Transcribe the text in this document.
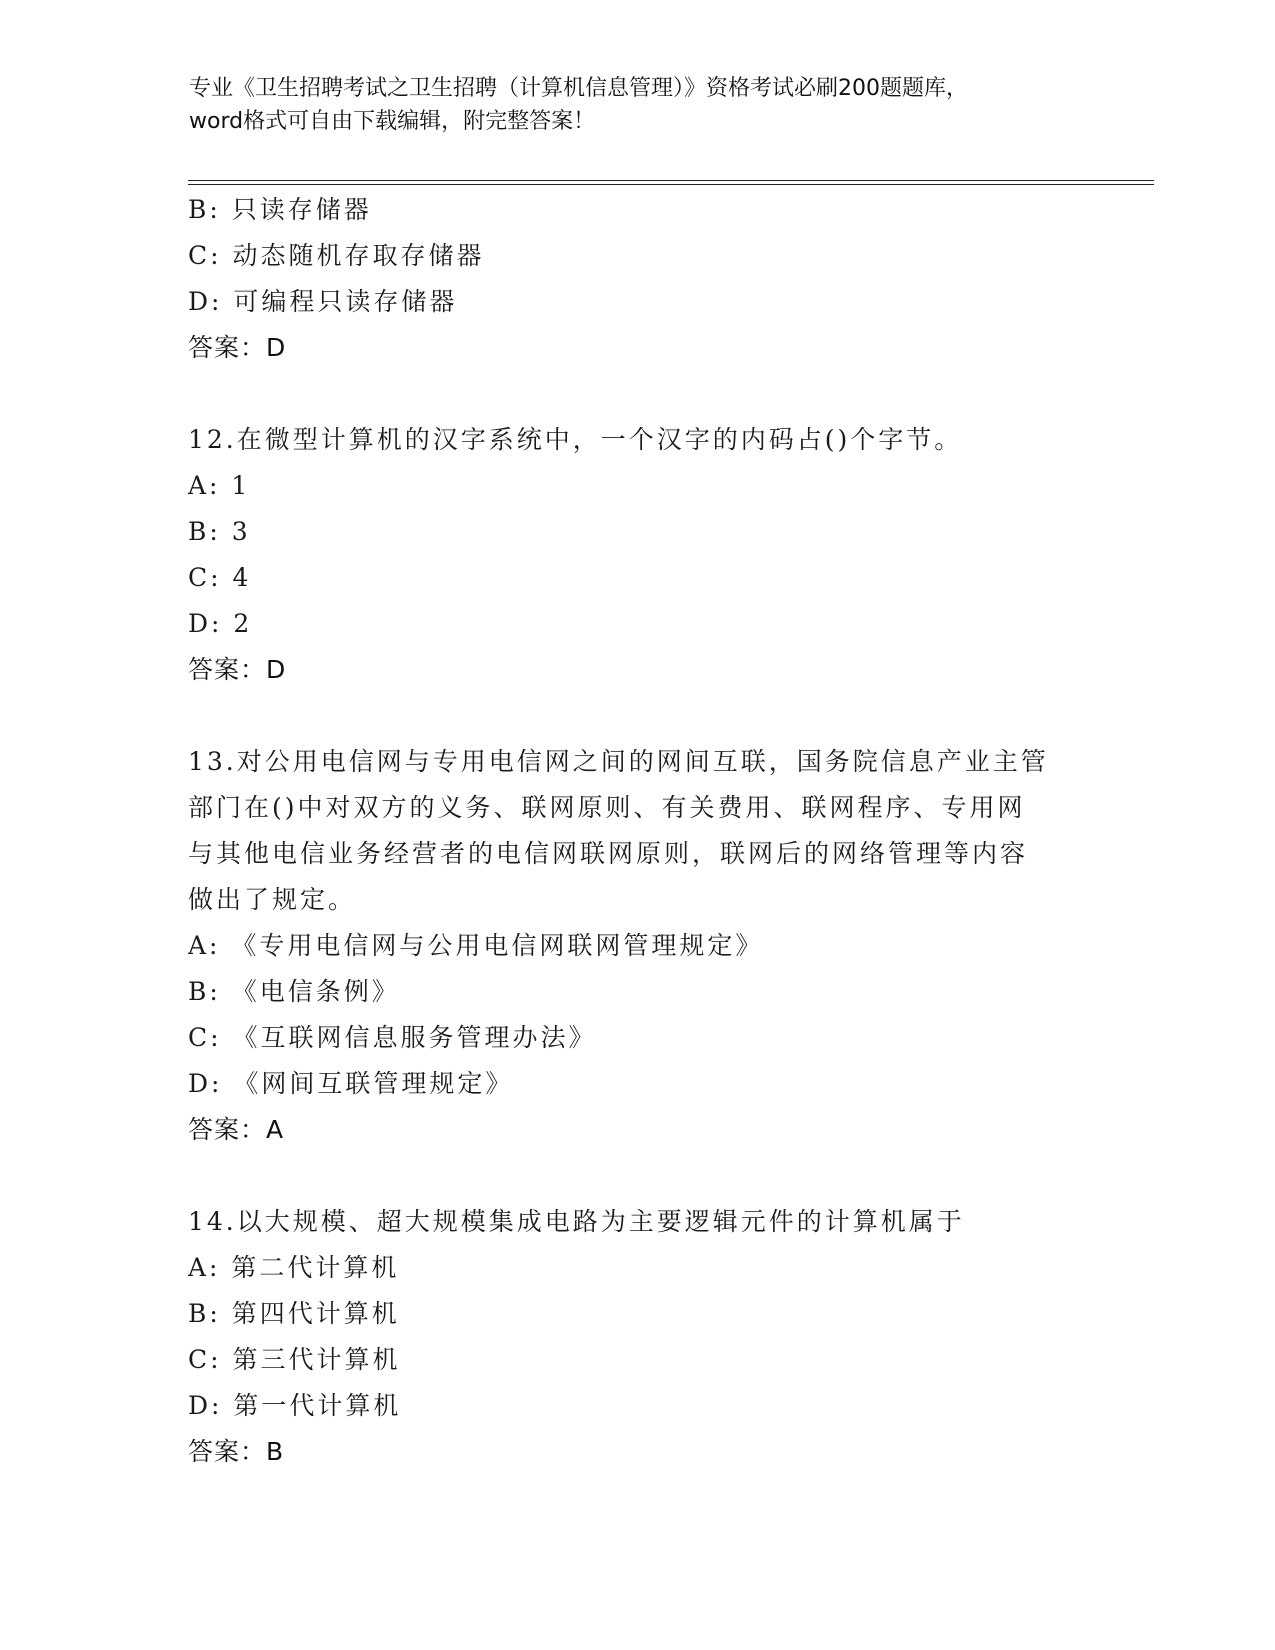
专业《卫生招聘考试之卫生招聘（计算机信息管理）》资格考试必刷200题题库，
word格式可自由下载编辑，附完整答案！
B: 只读存储器
C: 动态随机存取存储器
D: 可编程只读存储器
答案：D
12.在微型计算机的汉字系统中，一个汉字的内码占()个字节。
A: 1
B: 3
C: 4
D: 2
答案：D
13.对公用电信网与专用电信网之间的网间互联，国务院信息产业主管
部门在()中对双方的义务、联网原则、有关费用、联网程序、专用网
与其他电信业务经营者的电信网联网原则，联网后的网络管理等内容
做出了规定。
A: 《专用电信网与公用电信网联网管理规定》
B: 《电信条例》
C: 《互联网信息服务管理办法》
D: 《网间互联管理规定》
答案：A
14.以大规模、超大规模集成电路为主要逻辑元件的计算机属于
A: 第二代计算机
B: 第四代计算机
C: 第三代计算机
D: 第一代计算机
答案：B
